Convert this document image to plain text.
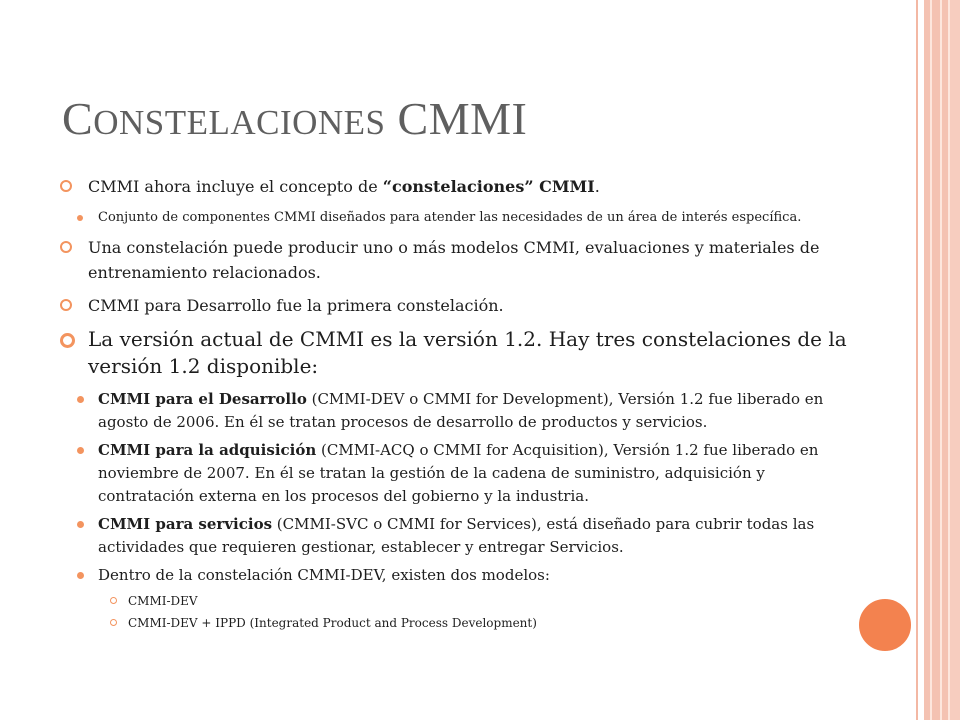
CONSTELACIONES CMMI
CMMI ahora incluye el concepto de “constelaciones” CMMI.
Conjunto de componentes CMMI diseñados para atender las necesidades de un área de interés específica.
Una constelación puede producir uno o más modelos CMMI, evaluaciones y materiales de entrenamiento relacionados.
CMMI para Desarrollo fue la primera constelación.
La versión actual de CMMI es la versión 1.2. Hay tres constelaciones de la versión 1.2 disponible:
CMMI para el Desarrollo (CMMI-DEV o CMMI for Development), Versión 1.2 fue liberado en agosto de 2006. En él se tratan procesos de desarrollo de productos y servicios.
CMMI para la adquisición (CMMI-ACQ o CMMI for Acquisition), Versión 1.2 fue liberado en noviembre de 2007. En él se tratan la gestión de la cadena de suministro, adquisición y contratación externa en los procesos del gobierno y la industria.
CMMI para servicios (CMMI-SVC o CMMI for Services), está diseñado para cubrir todas las actividades que requieren gestionar, establecer y entregar Servicios.
Dentro de la constelación CMMI-DEV, existen dos modelos:
CMMI-DEV
CMMI-DEV + IPPD (Integrated Product and Process Development)
